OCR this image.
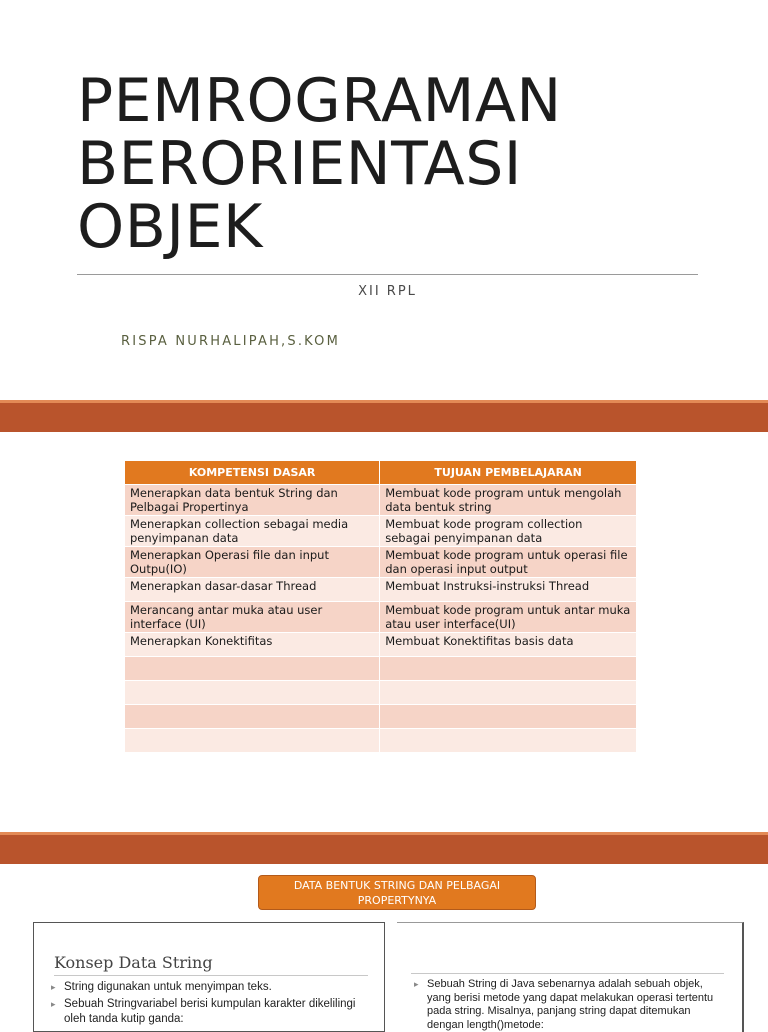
PEMROGRAMAN
BERORIENTASI
OBJEK
XII RPL
RISPA NURHALIPAH,S.KOM
KOMPETENSI DASAR	TUJUAN PEMBELAJARAN
Menerapkan data bentuk String dan Pelbagai Propertinya	Membuat kode program untuk mengolah data bentuk string
Menerapkan collection sebagai media penyimpanan data	Membuat kode program collection sebagai penyimpanan data
Menerapkan Operasi file dan input Outpu(IO)	Membuat kode program untuk operasi file dan operasi input output
Menerapkan dasar-dasar Thread	Membuat Instruksi-instruksi Thread
Merancang antar muka atau user interface (UI)	Membuat kode program untuk antar muka atau user interface(UI)
Menerapkan Konektifitas	Membuat Konektifitas basis data

DATA BENTUK STRING DAN PELBAGAI PROPERTYNYA
Konsep Data String
▸ String digunakan untuk menyimpan teks.
▸ Sebuah Stringvariabel berisi kumpulan karakter dikelilingi oleh tanda kutip ganda:
▸ Sebuah String di Java sebenarnya adalah sebuah objek, yang berisi metode yang dapat melakukan operasi tertentu pada string. Misalnya, panjang string dapat ditemukan dengan length()metode:
